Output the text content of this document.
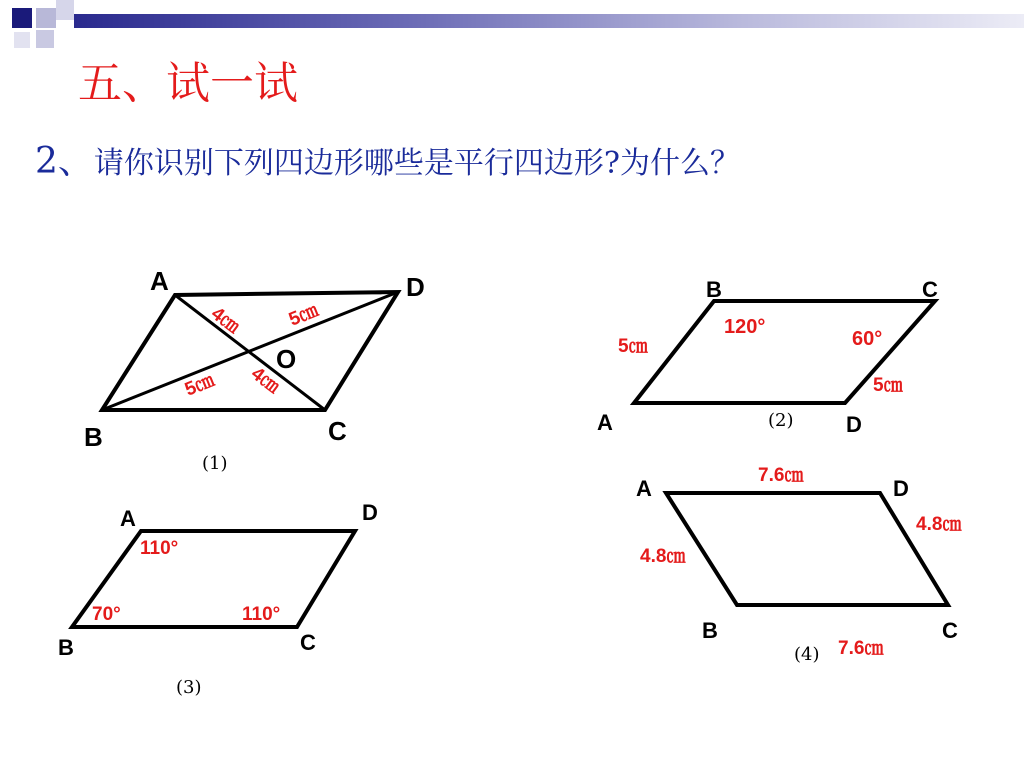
五、试一试
2、请你识别下列四边形哪些是平行四边形?为什么？
A	D
B	C
O
4㎝ 5㎝
5㎝ 4㎝
(1)
B	C
A	D
120°
60°
5㎝
5㎝
(2)
A	D
B	C
110°
70°	110°
(3)
A	D
B	C
7.6㎝
4.8㎝
4.8㎝
7.6㎝
(4)
